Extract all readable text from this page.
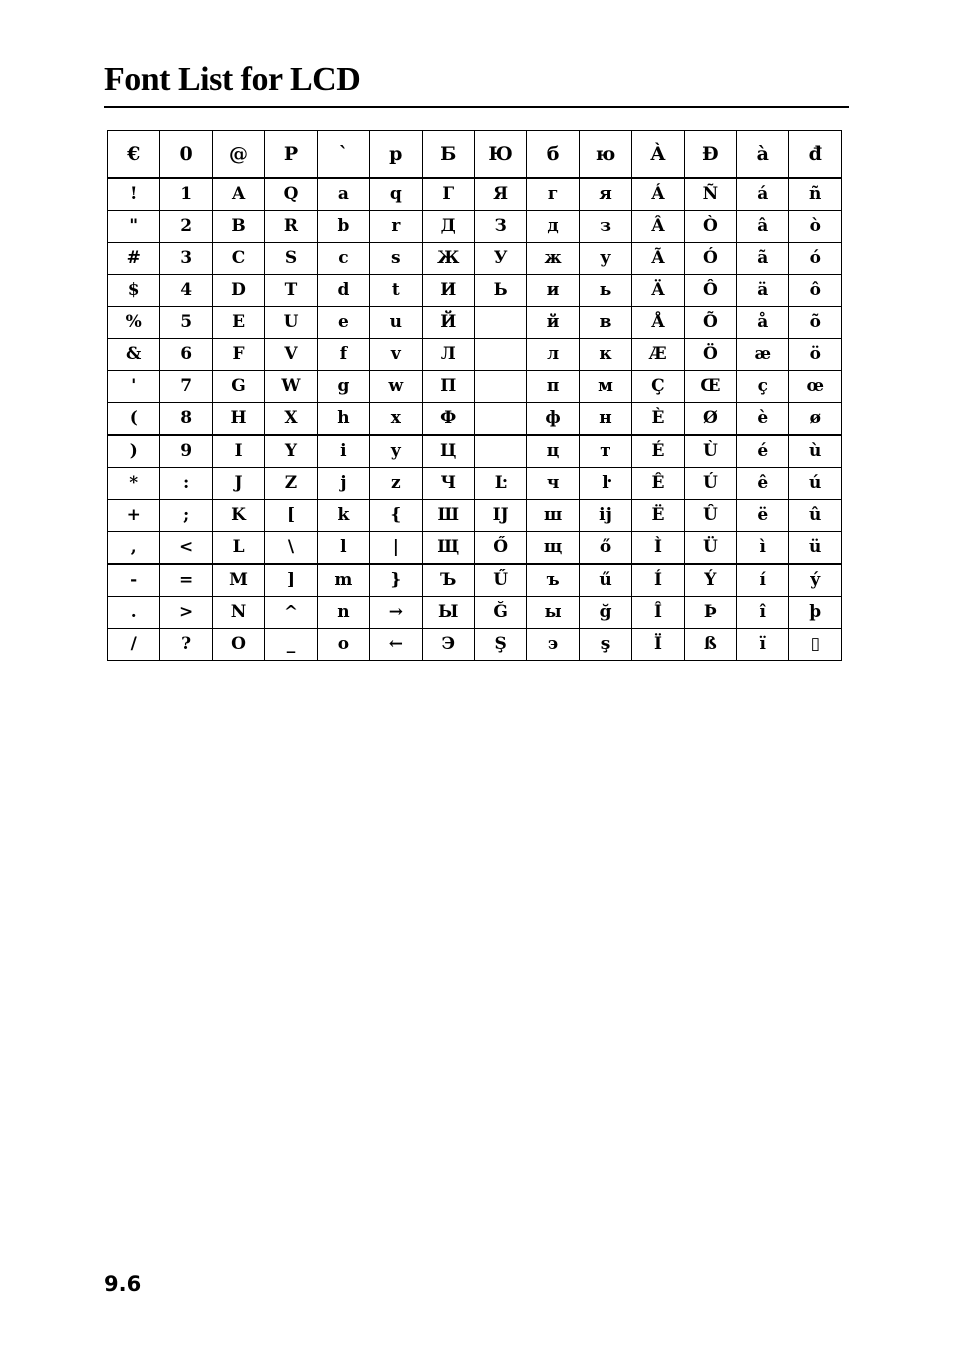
Font List for LCD
€	0	@	P	`	p	Б	Ю	б	ю	À	Ð	à	đ
!	1	A	Q	a	q	Г	Я	г	я	Á	Ñ	á	ñ
"	2	B	R	b	r	Д	З	д	з	Â	Ò	â	ò
#	3	C	S	c	s	Ж	У	ж	у	Ã	Ó	ã	ó
$	4	D	T	d	t	И	Ь	и	ь	Ä	Ô	ä	ô
%	5	E	U	e	u	Й		й	в	Å	Õ	å	õ
&	6	F	V	f	v	Л		л	к	Æ	Ö	æ	ö
'	7	G	W	g	w	П		п	м	Ç	Œ	ç	œ
(	8	H	X	h	x	Ф		ф	н	È	Ø	è	ø
)	9	I	Y	i	y	Ц		ц	т	É	Ù	é	ù
*	:	J	Z	j	z	Ч	Ŀ	ч	ŀ	Ê	Ú	ê	ú
+	;	K	[	k	{	Ш	Ĳ	ш	ĳ	Ë	Û	ë	û
,	<	L	\	l	|	Щ	Ő	щ	ő	Ì	Ü	ì	ü
-	=	M	]	m	}	Ъ	Ű	ъ	ű	Í	Ý	í	ý
.	>	N	^	n	→	Ы	Ğ	ы	ğ	Î	Þ	î	þ
/	?	O	_	o	←	Э	Ş	э	ş	Ï	ß	ï	▯

9.6
